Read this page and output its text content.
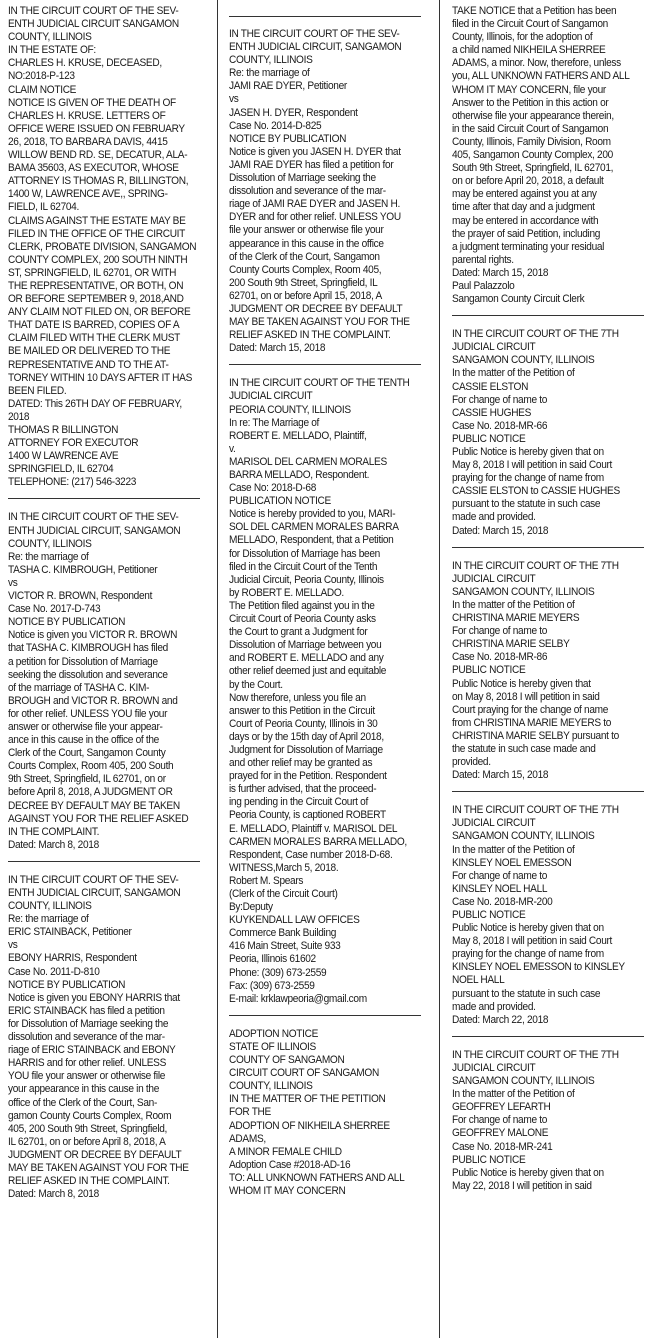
IN THE CIRCUIT COURT OF THE SEV-
ENTH JUDICIAL CIRCUIT SANGAMON
COUNTY, ILLINOIS
IN THE ESTATE OF:
CHARLES H. KRUSE, DECEASED,
NO:2018-P-123
CLAIM NOTICE
NOTICE IS GIVEN OF THE DEATH OF
CHARLES H. KRUSE. LETTERS OF
OFFICE WERE ISSUED ON FEBRUARY
26, 2018, TO BARBARA DAVIS, 4415
WILLOW BEND RD. SE, DECATUR, ALA-
BAMA 35603, AS EXECUTOR, WHOSE
ATTORNEY IS THOMAS R, BILLINGTON,
1400 W, LAWRENCE AVE,, SPRING-
FIELD, IL 62704.
CLAIMS AGAINST THE ESTATE MAY BE
FILED IN THE OFFICE OF THE CIRCUIT
CLERK, PROBATE DIVISION, SANGAMON
COUNTY COMPLEX, 200 SOUTH NINTH
ST, SPRINGFIELD, IL 62701, OR WITH
THE REPRESENTATIVE, OR BOTH, ON
OR BEFORE SEPTEMBER 9, 2018,AND
ANY CLAIM NOT FILED ON, OR BEFORE
THAT DATE IS BARRED, COPIES OF A
CLAIM FILED WITH THE CLERK MUST
BE MAILED OR DELIVERED TO THE
REPRESENTATIVE AND TO THE AT-
TORNEY WITHIN 10 DAYS AFTER IT HAS
BEEN FILED.
DATED: This 26TH DAY OF FEBRUARY,
2018
THOMAS R BILLINGTON
ATTORNEY FOR EXECUTOR
1400 W LAWRENCE AVE
SPRINGFIELD, IL 62704
TELEPHONE: (217) 546-3223

IN THE CIRCUIT COURT OF THE SEV-
ENTH JUDICIAL CIRCUIT, SANGAMON
COUNTY, ILLINOIS
Re: the marriage of
TASHA C. KIMBROUGH, Petitioner
vs
VICTOR R. BROWN, Respondent
Case No. 2017-D-743
NOTICE BY PUBLICATION
Notice is given you VICTOR R. BROWN
that TASHA C. KIMBROUGH has filed
a petition for Dissolution of Marriage
seeking the dissolution and severance
of the marriage of TASHA C. KIM-
BROUGH and VICTOR R. BROWN and
for other relief. UNLESS YOU file your
answer or otherwise file your appear-
ance in this cause in the office of the
Clerk of the Court, Sangamon County
Courts Complex, Room 405, 200 South
9th Street, Springfield, IL 62701, on or
before April 8, 2018, A JUDGMENT OR
DECREE BY DEFAULT MAY BE TAKEN
AGAINST YOU FOR THE RELIEF ASKED
IN THE COMPLAINT.
Dated: March 8, 2018

IN THE CIRCUIT COURT OF THE SEV-
ENTH JUDICIAL CIRCUIT, SANGAMON
COUNTY, ILLINOIS
Re: the marriage of
ERIC STAINBACK, Petitioner
vs
EBONY HARRIS, Respondent
Case No. 2011-D-810
NOTICE BY PUBLICATION
Notice is given you EBONY HARRIS that
ERIC STAINBACK has filed a petition
for Dissolution of Marriage seeking the
dissolution and severance of the mar-
riage of ERIC STAINBACK and EBONY
HARRIS and for other relief. UNLESS
YOU file your answer or otherwise file
your appearance in this cause in the
office of the Clerk of the Court, San-
gamon County Courts Complex, Room
405, 200 South 9th Street, Springfield,
IL 62701, on or before April 8, 2018, A
JUDGMENT OR DECREE BY DEFAULT
MAY BE TAKEN AGAINST YOU FOR THE
RELIEF ASKED IN THE COMPLAINT.
Dated: March 8, 2018

IN THE CIRCUIT COURT OF THE SEV-
ENTH JUDICIAL CIRCUIT, SANGAMON
COUNTY, ILLINOIS
Re: the marriage of
JAMI RAE DYER, Petitioner
vs
JASEN H. DYER, Respondent
Case No. 2014-D-825
NOTICE BY PUBLICATION
Notice is given you JASEN H. DYER that
JAMI RAE DYER has filed a petition for
Dissolution of Marriage seeking the
dissolution and severance of the mar-
riage of JAMI RAE DYER and JASEN H.
DYER and for other relief. UNLESS YOU
file your answer or otherwise file your
appearance in this cause in the office
of the Clerk of the Court, Sangamon
County Courts Complex, Room 405,
200 South 9th Street, Springfield, IL
62701, on or before April 15, 2018, A
JUDGMENT OR DECREE BY DEFAULT
MAY BE TAKEN AGAINST YOU FOR THE
RELIEF ASKED IN THE COMPLAINT.
Dated: March 15, 2018

IN THE CIRCUIT COURT OF THE TENTH
JUDICIAL CIRCUIT
PEORIA COUNTY, ILLINOIS
In re: The Marriage of
ROBERT E. MELLADO, Plaintiff,
v.
MARISOL DEL CARMEN MORALES
BARRA MELLADO, Respondent.
Case No: 2018-D-68
PUBLICATION NOTICE
Notice is hereby provided to you, MARI-
SOL DEL CARMEN MORALES BARRA
MELLADO, Respondent, that a Petition
for Dissolution of Marriage has been
filed in the Circuit Court of the Tenth
Judicial Circuit, Peoria County, Illinois
by ROBERT E. MELLADO.
The Petition filed against you in the
Circuit Court of Peoria County asks
the Court to grant a Judgment for
Dissolution of Marriage between you
and ROBERT E. MELLADO and any
other relief deemed just and equitable
by the Court.
Now therefore, unless you file an
answer to this Petition in the Circuit
Court of Peoria County, Illinois in 30
days or by the 15th day of April 2018,
Judgment for Dissolution of Marriage
and other relief may be granted as
prayed for in the Petition. Respondent
is further advised, that the proceed-
ing pending in the Circuit Court of
Peoria County, is captioned ROBERT
E. MELLADO, Plaintiff v. MARISOL DEL
CARMEN MORALES BARRA MELLADO,
Respondent, Case number 2018-D-68.
WITNESS,March 5, 2018.
Robert M. Spears
(Clerk of the Circuit Court)
By:Deputy
KUYKENDALL LAW OFFICES
Commerce Bank Building
416 Main Street, Suite 933
Peoria, Illinois 61602
Phone: (309) 673-2559
Fax: (309) 673-2559
E-mail: krklawpeoria@gmail.com

ADOPTION NOTICE
STATE OF ILLINOIS
COUNTY OF SANGAMON
CIRCUIT COURT OF SANGAMON
COUNTY, ILLINOIS
IN THE MATTER OF THE PETITION
FOR THE
ADOPTION OF NIKHEILA SHERREE
ADAMS,
A MINOR FEMALE CHILD
Adoption Case #2018-AD-16
TO: ALL UNKNOWN FATHERS AND ALL
WHOM IT MAY CONCERN

TAKE NOTICE that a Petition has been
filed in the Circuit Court of Sangamon
County, Illinois, for the adoption of
a child named NIKHEILA SHERREE
ADAMS, a minor. Now, therefore, unless
you, ALL UNKNOWN FATHERS AND ALL
WHOM IT MAY CONCERN, file your
Answer to the Petition in this action or
otherwise file your appearance therein,
in the said Circuit Court of Sangamon
County, Illinois, Family Division, Room
405, Sangamon County Complex, 200
South 9th Street, Springfield, IL 62701,
on or before April 20, 2018, a default
may be entered against you at any
time after that day and a judgment
may be entered in accordance with
the prayer of said Petition, including
a judgment terminating your residual
parental rights.
Dated: March 15, 2018
Paul Palazzolo
Sangamon County Circuit Clerk

IN THE CIRCUIT COURT OF THE 7TH
JUDICIAL CIRCUIT
SANGAMON COUNTY, ILLINOIS
In the matter of the Petition of
CASSIE ELSTON
For change of name to
CASSIE HUGHES
Case No. 2018-MR-66
PUBLIC NOTICE
Public Notice is hereby given that on
May 8, 2018 I will petition in said Court
praying for the change of name from
CASSIE ELSTON to CASSIE HUGHES
pursuant to the statute in such case
made and provided.
Dated: March 15, 2018

IN THE CIRCUIT COURT OF THE 7TH
JUDICIAL CIRCUIT
SANGAMON COUNTY, ILLINOIS
In the matter of the Petition of
CHRISTINA MARIE MEYERS
For change of name to
CHRISTINA MARIE SELBY
Case No. 2018-MR-86
PUBLIC NOTICE
Public Notice is hereby given that
on May 8, 2018 I will petition in said
Court praying for the change of name
from CHRISTINA MARIE MEYERS to
CHRISTINA MARIE SELBY pursuant to
the statute in such case made and
provided.
Dated: March 15, 2018

IN THE CIRCUIT COURT OF THE 7TH
JUDICIAL CIRCUIT
SANGAMON COUNTY, ILLINOIS
In the matter of the Petition of
KINSLEY NOEL EMESSON
For change of name to
KINSLEY NOEL HALL
Case No. 2018-MR-200
PUBLIC NOTICE
Public Notice is hereby given that on
May 8, 2018 I will petition in said Court
praying for the change of name from
KINSLEY NOEL EMESSON to KINSLEY
NOEL HALL
pursuant to the statute in such case
made and provided.
Dated: March 22, 2018

IN THE CIRCUIT COURT OF THE 7TH
JUDICIAL CIRCUIT
SANGAMON COUNTY, ILLINOIS
In the matter of the Petition of
GEOFFREY LEFARTH
For change of name to
GEOFFREY MALONE
Case No. 2018-MR-241
PUBLIC NOTICE
Public Notice is hereby given that on
May 22, 2018 I will petition in said
